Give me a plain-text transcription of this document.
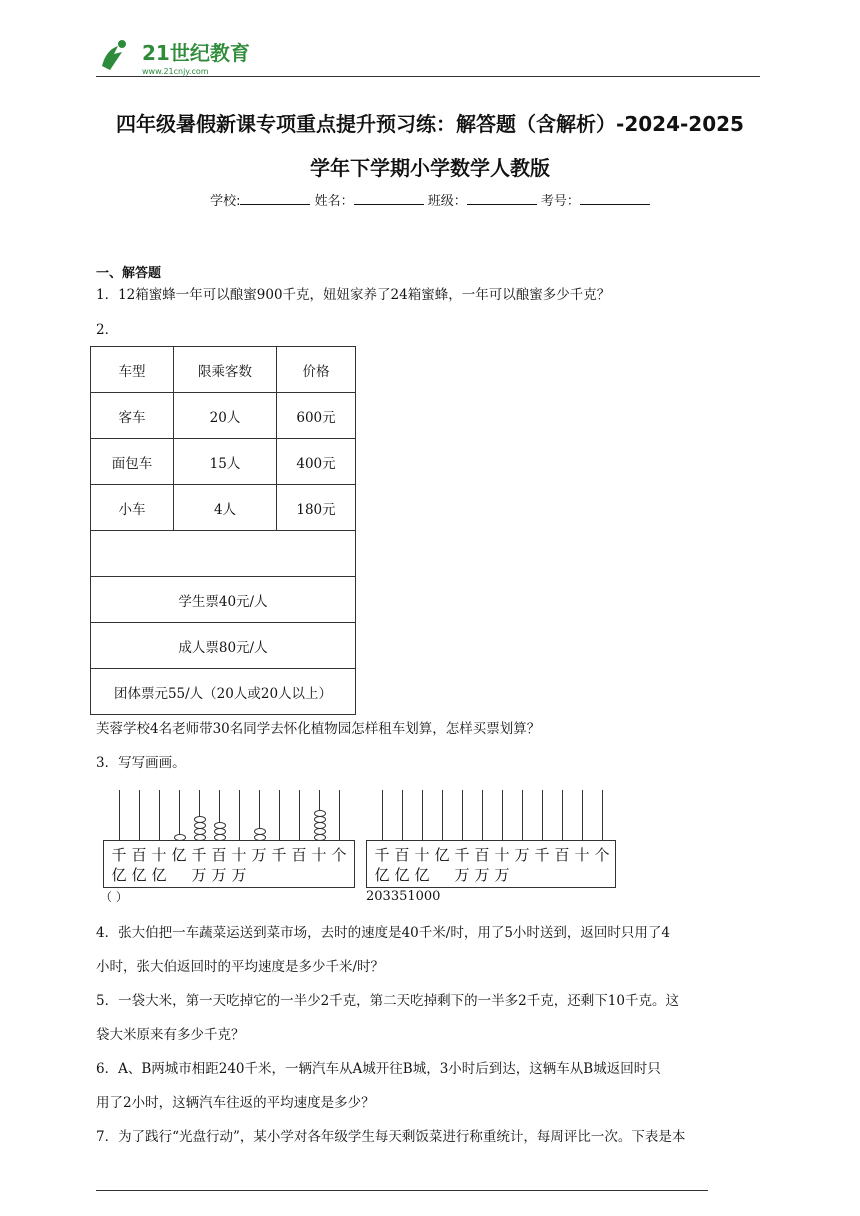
21世纪教育
www.21cnjy.com
四年级暑假新课专项重点提升预习练：解答题（含解析）-2024-2025
学年下学期小学数学人教版
学校:	姓名：	班级：	考号：
一、解答题
1．12箱蜜蜂一年可以酿蜜900千克，妞妞家养了24箱蜜蜂，一年可以酿蜜多少千克？
2．
车型	限乘客数	价格
客车	20人	600元
面包车	15人	400元
小车	4人	180元

学生票40元/人		
成人票80元/人		
团体票元55/人（20人或20人以上）		
芙蓉学校4名老师带30名同学去怀化植物园怎样租车划算，怎样买票划算？
3．写写画画。
千
亿
百
亿
十
亿
亿 千
万
百
万
十
万
万 千 百 十 个 千
亿
百
亿
十
亿
亿 千
万
百
万
十
万
万 千 百 十 个
（ ）	203351000
4．张大伯把一车蔬菜运送到菜市场，去时的速度是40千米/时，用了5小时送到，返回时只用了4
小时，张大伯返回时的平均速度是多少千米/时？
5．一袋大米，第一天吃掉它的一半少2千克，第二天吃掉剩下的一半多2千克，还剩下10千克。这
袋大米原来有多少千克？
6．A、B两城市相距240千米，一辆汽车从A城开往B城，3小时后到达，这辆车从B城返回时只
用了2小时，这辆汽车往返的平均速度是多少？
7．为了践行“光盘行动”，某小学对各年级学生每天剩饭菜进行称重统计，每周评比一次。下表是本
